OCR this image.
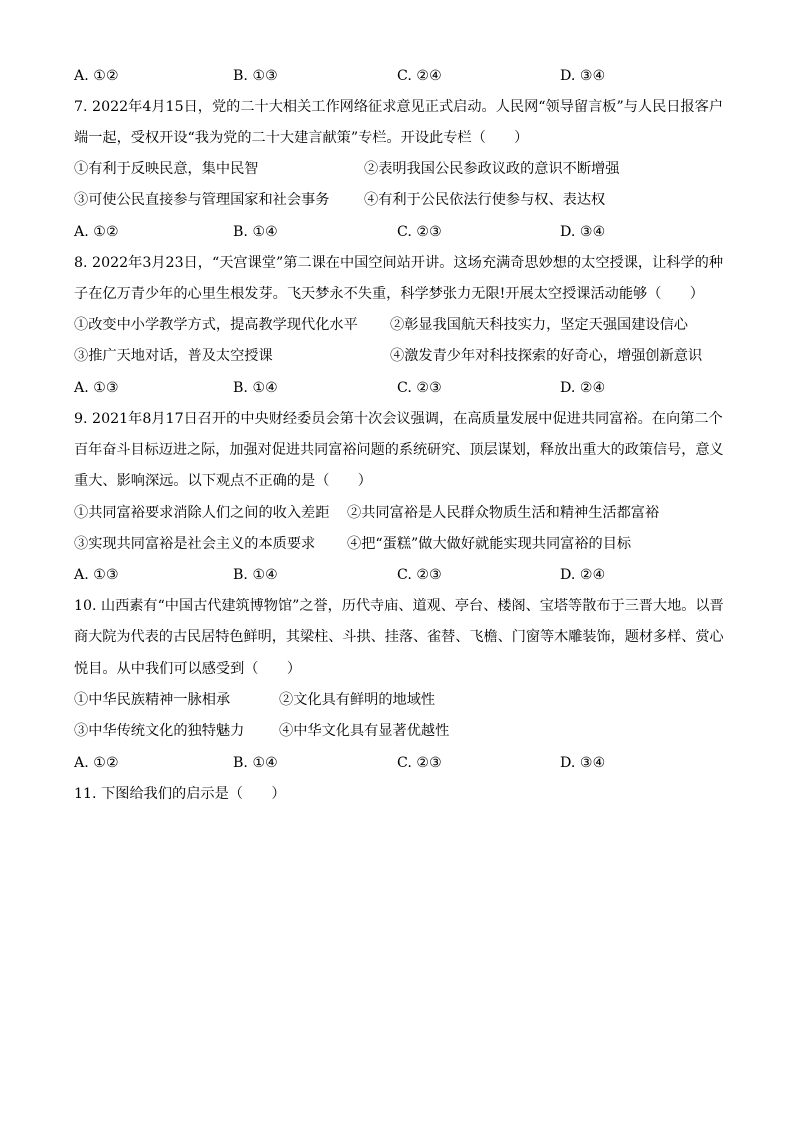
A. ①②	B. ①③	C. ②④	D. ③④
7. 2022年4月15日，党的二十大相关工作网络征求意见正式启动。人民网“领导留言板”与人民日报客户
端一起，受权开设“我为党的二十大建言献策”专栏。开设此专栏（　　）
①有利于反映民意，集中民智	②表明我国公民参政议政的意识不断增强
③可使公民直接参与管理国家和社会事务 ④有利于公民依法行使参与权、表达权
A. ①②	B. ①④	C. ②③	D. ③④
8. 2022年3月23日，“天宫课堂”第二课在中国空间站开讲。这场充满奇思妙想的太空授课，让科学的种
子在亿万青少年的心里生根发芽。飞天梦永不失重，科学梦张力无限!开展太空授课活动能够（　　）
①改变中小学教学方式，提高教学现代化水平 ②彰显我国航天科技实力，坚定天强国建设信心
③推广天地对话，普及太空授课	④激发青少年对科技探索的好奇心，增强创新意识
A. ①③	B. ①④	C. ②③	D. ②④
9. 2021年8月17日召开的中央财经委员会第十次会议强调，在高质量发展中促进共同富裕。在向第二个
百年奋斗目标迈进之际，加强对促进共同富裕问题的系统研究、顶层谋划，释放出重大的政策信号，意义
重大、影响深远。以下观点不正确的是（　　）
①共同富裕要求消除人们之间的收入差距 ②共同富裕是人民群众物质生活和精神生活都富裕
③实现共同富裕是社会主义的本质要求 ④把“蛋糕”做大做好就能实现共同富裕的目标
A. ①③	B. ①④	C. ②③	D. ②④
10. 山西素有“中国古代建筑博物馆”之誉，历代寺庙、道观、亭台、楼阁、宝塔等散布于三晋大地。以晋
商大院为代表的古民居特色鲜明，其梁柱、斗拱、挂落、雀替、飞檐、门窗等木雕装饰，题材多样、赏心
悦目。从中我们可以感受到（　　）
①中华民族精神一脉相承	②文化具有鲜明的地域性
③中华传统文化的独特魅力 ④中华文化具有显著优越性
A. ①②	B. ①④	C. ②③	D. ③④
11. 下图给我们的启示是（　　）
